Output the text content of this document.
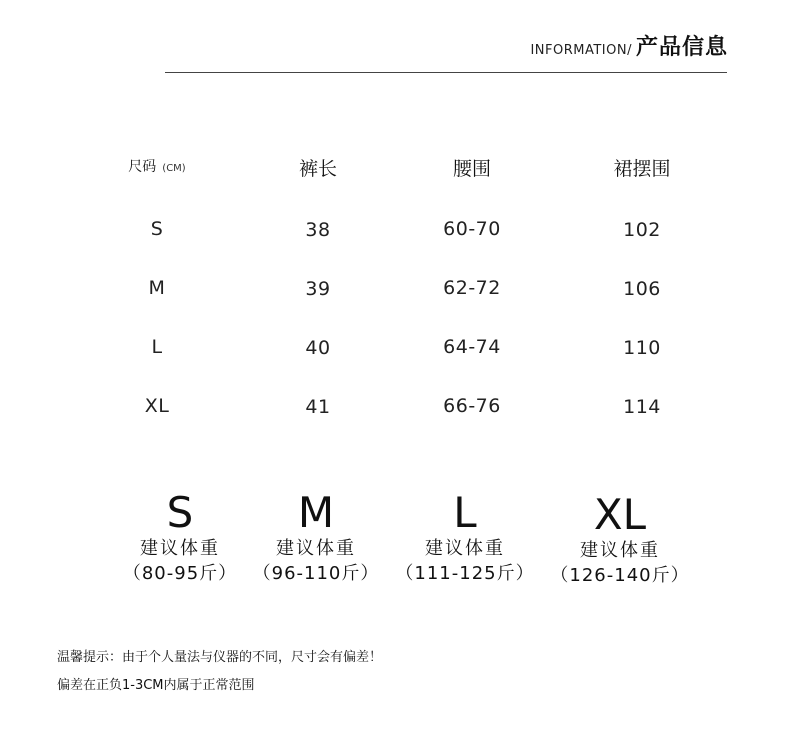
INFORMATION/ 产品信息
尺码 (CM)	裤长	腰围	裙摆围
S	38	60-70	102
M	39	62-72	106
L	40	64-74	110
XL	41	66-76	114
S
建议体重
（80-95斤）
M
建议体重
（96-110斤）
L
建议体重
（111-125斤）
XL
建议体重
（126-140斤）
温馨提示：由于个人量法与仪器的不同，尺寸会有偏差！
偏差在正负1-3CM内属于正常范围
